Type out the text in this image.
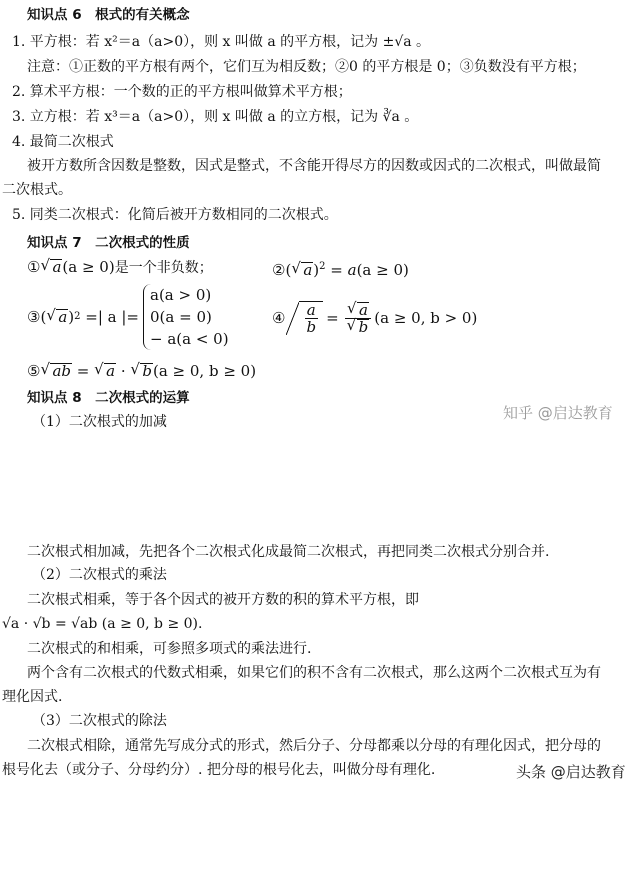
知识点 6　根式的有关概念
1. 平方根：若 x²＝a（a>0），则 x 叫做 a 的平方根，记为 ±√a 。
注意：①正数的平方根有两个，它们互为相反数；②0 的平方根是 0；③负数没有平方根；
2. 算术平方根：一个数的正的平方根叫做算术平方根；
3. 立方根：若 x³＝a（a>0），则 x 叫做 a 的立方根，记为 ∛a 。
4. 最简二次根式
被开方数所含因数是整数，因式是整式，不含能开得尽方的因数或因式的二次根式，叫做最简
二次根式。
5. 同类二次根式：化简后被开方数相同的二次根式。
知识点 7　二次根式的性质
① √ a(a ≥ 0)是一个非负数；	②( √ a)$^2$ = a(a ≥ 0)
③( √ a ) 2 =| a |=
a(a > 0)
0(a = 0)
− a(a < 0)
④ $\frac{a}{b}$ = √ a
√ b (a ≥ 0, b > 0)
⑤ √ ab = √ a · √ b(a ≥ 0, b ≥ 0)
知识点 8　二次根式的运算
（1）二次根式的加减
二次根式相加减，先把各个二次根式化成最简二次根式，再把同类二次根式分别合并.
（2）二次根式的乘法
二次根式相乘，等于各个因式的被开方数的积的算术平方根，即
√a · √b = √ab (a ≥ 0, b ≥ 0).
二次根式的和相乘，可参照多项式的乘法进行.
两个含有二次根式的代数式相乘，如果它们的积不含有二次根式，那么这两个二次根式互为有
理化因式.
（3）二次根式的除法
二次根式相除，通常先写成分式的形式，然后分子、分母都乘以分母的有理化因式，把分母的
根号化去（或分子、分母约分）. 把分母的根号化去，叫做分母有理化.
知乎 @启达教育
头条 @启达教育
